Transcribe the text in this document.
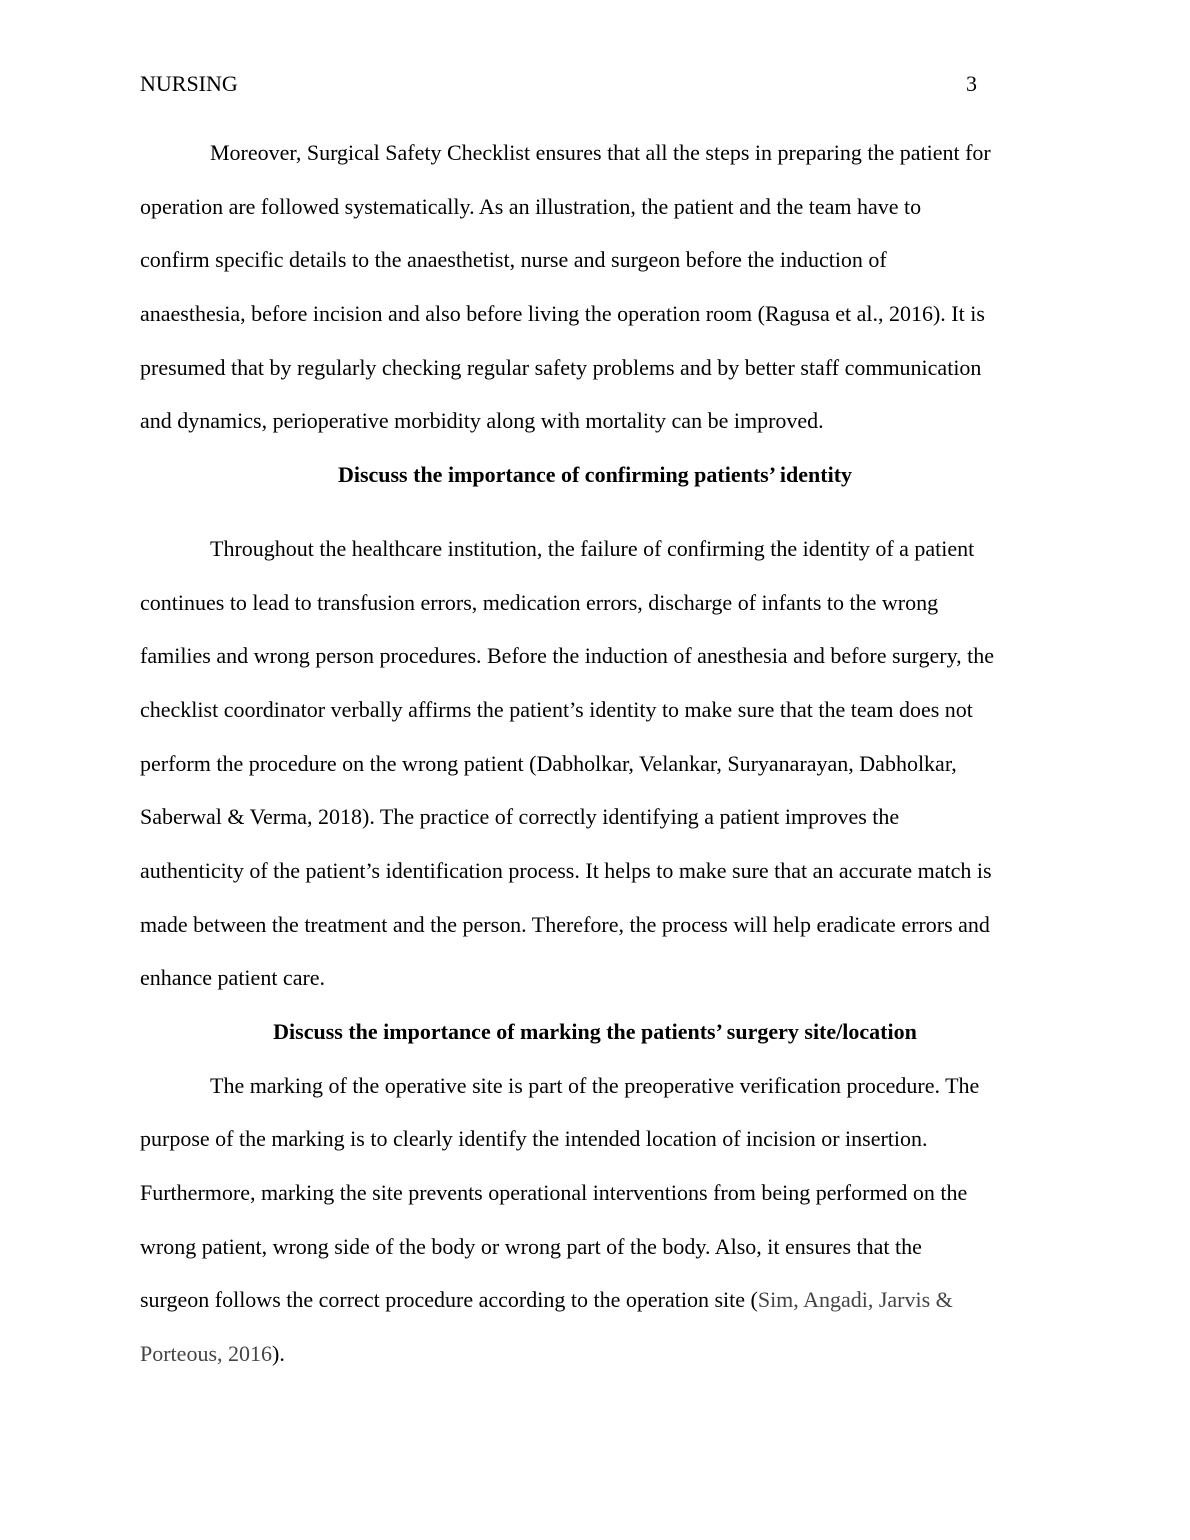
NURSING	3
Moreover, Surgical Safety Checklist ensures that all the steps in preparing the patient for
operation are followed systematically. As an illustration, the patient and the team have to
confirm specific details to the anaesthetist, nurse and surgeon before the induction of
anaesthesia, before incision and also before living the operation room (Ragusa et al., 2016). It is
presumed that by regularly checking regular safety problems and by better staff communication
and dynamics, perioperative morbidity along with mortality can be improved.
Discuss the importance of confirming patients’ identity
Throughout the healthcare institution, the failure of confirming the identity of a patient
continues to lead to transfusion errors, medication errors, discharge of infants to the wrong
families and wrong person procedures. Before the induction of anesthesia and before surgery, the
checklist coordinator verbally affirms the patient’s identity to make sure that the team does not
perform the procedure on the wrong patient (Dabholkar, Velankar, Suryanarayan, Dabholkar,
Saberwal & Verma, 2018). The practice of correctly identifying a patient improves the
authenticity of the patient’s identification process. It helps to make sure that an accurate match is
made between the treatment and the person. Therefore, the process will help eradicate errors and
enhance patient care.
Discuss the importance of marking the patients’ surgery site/location
The marking of the operative site is part of the preoperative verification procedure. The
purpose of the marking is to clearly identify the intended location of incision or insertion.
Furthermore, marking the site prevents operational interventions from being performed on the
wrong patient, wrong side of the body or wrong part of the body. Also, it ensures that the
surgeon follows the correct procedure according to the operation site (Sim, Angadi, Jarvis &
Porteous, 2016).
